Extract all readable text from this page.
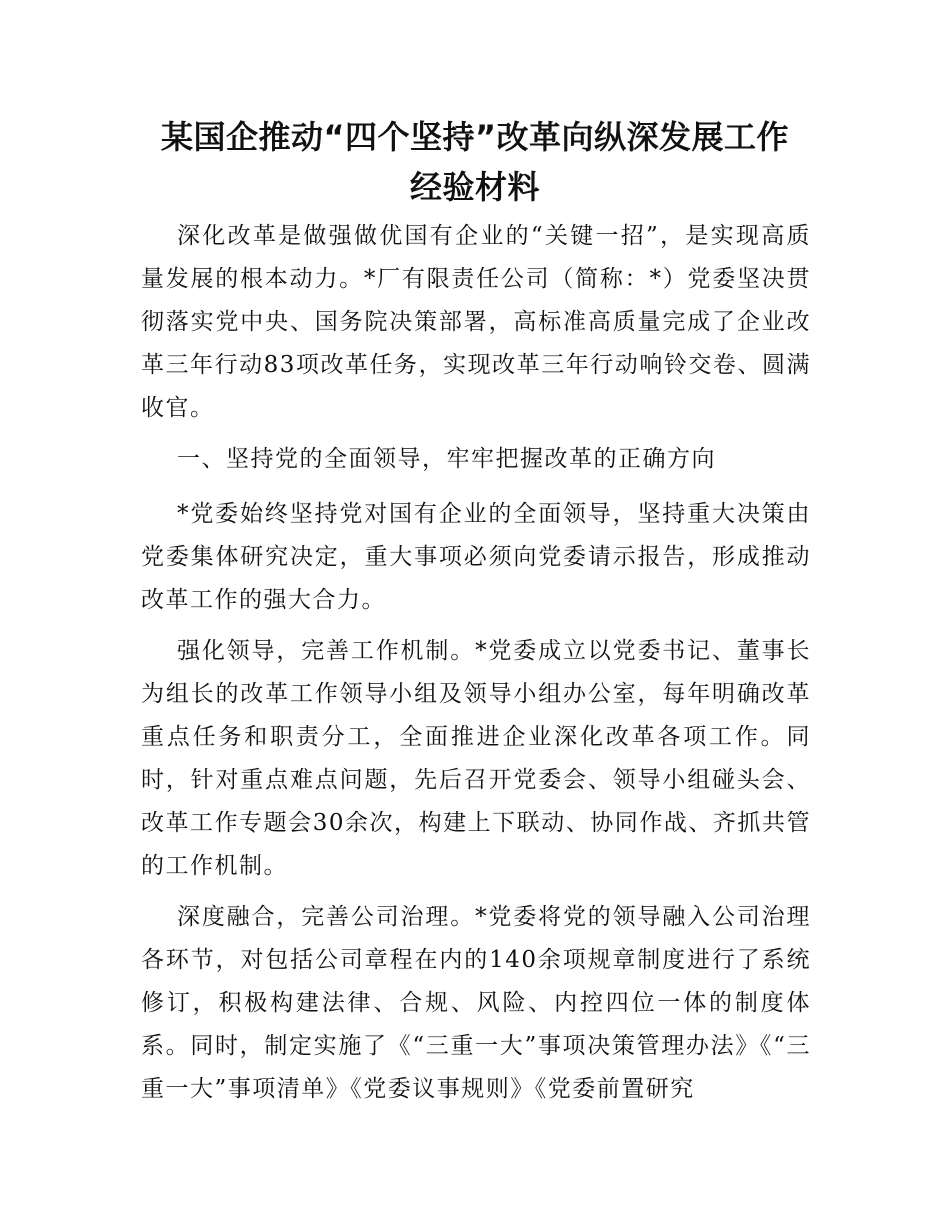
某国企推动“四个坚持”改革向纵深发展工作
经验材料

深化改革是做强做优国有企业的“关键一招”，是实现高质量发展的根本动力。*厂有限责任公司（简称：*）党委坚决贯彻落实党中央、国务院决策部署，高标准高质量完成了企业改革三年行动83项改革任务，实现改革三年行动响铃交卷、圆满收官。

一、坚持党的全面领导，牢牢把握改革的正确方向

*党委始终坚持党对国有企业的全面领导，坚持重大决策由党委集体研究决定，重大事项必须向党委请示报告，形成推动改革工作的强大合力。

强化领导，完善工作机制。*党委成立以党委书记、董事长为组长的改革工作领导小组及领导小组办公室，每年明确改革重点任务和职责分工，全面推进企业深化改革各项工作。同时，针对重点难点问题，先后召开党委会、领导小组碰头会、改革工作专题会30余次，构建上下联动、协同作战、齐抓共管的工作机制。

深度融合，完善公司治理。*党委将党的领导融入公司治理各环节，对包括公司章程在内的140余项规章制度进行了系统修订，积极构建法律、合规、风险、内控四位一体的制度体系。同时，制定实施了《“三重一大”事项决策管理办法》《“三重一大”事项清单》《党委议事规则》《党委前置研究
